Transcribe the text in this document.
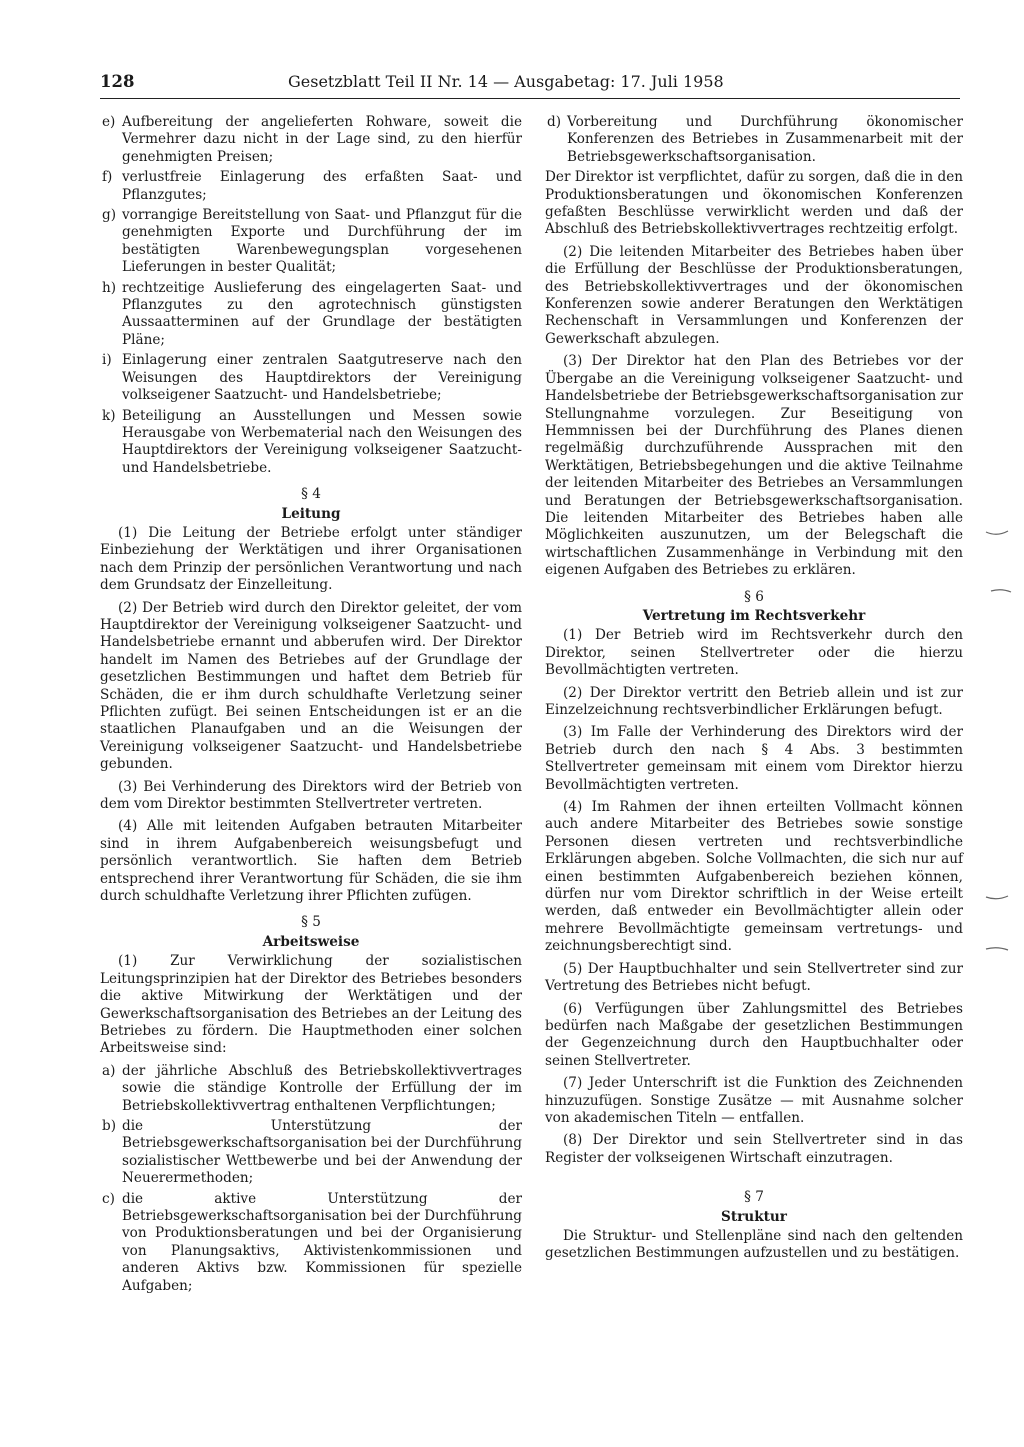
128	Gesetzblatt Teil II Nr. 14 — Ausgabetag: 17. Juli 1958
e) Aufbereitung der angelieferten Rohware, soweit die Vermehrer dazu nicht in der Lage sind, zu den hierfür genehmigten Preisen;
f) verlustfreie Einlagerung des erfaßten Saat- und Pflanzgutes;
g) vorrangige Bereitstellung von Saat- und Pflanzgut für die genehmigten Exporte und Durchführung der im bestätigten Warenbewegungsplan vorgesehenen Lieferungen in bester Qualität;
h) rechtzeitige Auslieferung des eingelagerten Saat- und Pflanzgutes zu den agrotechnisch günstigsten Aussaatterminen auf der Grundlage der bestätigten Pläne;
i) Einlagerung einer zentralen Saatgutreserve nach den Weisungen des Hauptdirektors der Vereinigung volkseigener Saatzucht- und Handelsbetriebe;
k) Beteiligung an Ausstellungen und Messen sowie Herausgabe von Werbematerial nach den Weisungen des Hauptdirektors der Vereinigung volkseigener Saatzucht- und Handelsbetriebe.
§ 4
Leitung

(1) Die Leitung der Betriebe erfolgt unter ständiger Einbeziehung der Werktätigen und ihrer Organisationen nach dem Prinzip der persönlichen Verantwortung und nach dem Grundsatz der Einzelleitung.

(2) Der Betrieb wird durch den Direktor geleitet, der vom Hauptdirektor der Vereinigung volkseigener Saatzucht- und Handelsbetriebe ernannt und abberufen wird. Der Direktor handelt im Namen des Betriebes auf der Grundlage der gesetzlichen Bestimmungen und haftet dem Betrieb für Schäden, die er ihm durch schuldhafte Verletzung seiner Pflichten zufügt. Bei seinen Entscheidungen ist er an die staatlichen Planaufgaben und an die Weisungen der Vereinigung volkseigener Saatzucht- und Handelsbetriebe gebunden.

(3) Bei Verhinderung des Direktors wird der Betrieb von dem vom Direktor bestimmten Stellvertreter vertreten.

(4) Alle mit leitenden Aufgaben betrauten Mitarbeiter sind in ihrem Aufgabenbereich weisungsbefugt und persönlich verantwortlich. Sie haften dem Betrieb entsprechend ihrer Verantwortung für Schäden, die sie ihm durch schuldhafte Verletzung ihrer Pflichten zufügen.

§ 5
Arbeitsweise

(1) Zur Verwirklichung der sozialistischen Leitungsprinzipien hat der Direktor des Betriebes besonders die aktive Mitwirkung der Werktätigen und der Gewerkschaftsorganisation des Betriebes an der Leitung des Betriebes zu fördern. Die Hauptmethoden einer solchen Arbeitsweise sind:

a) der jährliche Abschluß des Betriebskollektivvertrages sowie die ständige Kontrolle der Erfüllung der im Betriebskollektivvertrag enthaltenen Verpflichtungen;
b) die Unterstützung der Betriebsgewerkschaftsorganisation bei der Durchführung sozialistischer Wettbewerbe und bei der Anwendung der Neuerermethoden;
c) die aktive Unterstützung der Betriebsgewerkschaftsorganisation bei der Durchführung von Produktionsberatungen und bei der Organisierung von Planungsaktivs, Aktivistenkommissionen und anderen Aktivs bzw. Kommissionen für spezielle Aufgaben;
d) Vorbereitung und Durchführung ökonomischer Konferenzen des Betriebes in Zusammenarbeit mit der Betriebsgewerkschaftsorganisation.

Der Direktor ist verpflichtet, dafür zu sorgen, daß die in den Produktionsberatungen und ökonomischen Konferenzen gefaßten Beschlüsse verwirklicht werden und daß der Abschluß des Betriebskollektivvertrages rechtzeitig erfolgt.

(2) Die leitenden Mitarbeiter des Betriebes haben über die Erfüllung der Beschlüsse der Produktionsberatungen, des Betriebskollektivvertrages und der ökonomischen Konferenzen sowie anderer Beratungen den Werktätigen Rechenschaft in Versammlungen und Konferenzen der Gewerkschaft abzulegen.

(3) Der Direktor hat den Plan des Betriebes vor der Übergabe an die Vereinigung volkseigener Saatzucht- und Handelsbetriebe der Betriebsgewerkschaftsorganisation zur Stellungnahme vorzulegen. Zur Beseitigung von Hemmnissen bei der Durchführung des Planes dienen regelmäßig durchzuführende Aussprachen mit den Werktätigen, Betriebsbegehungen und die aktive Teilnahme der leitenden Mitarbeiter des Betriebes an Versammlungen und Beratungen der Betriebsgewerkschaftsorganisation. Die leitenden Mitarbeiter des Betriebes haben alle Möglichkeiten auszunutzen, um der Belegschaft die wirtschaftlichen Zusammenhänge in Verbindung mit den eigenen Aufgaben des Betriebes zu erklären.

§ 6
Vertretung im Rechtsverkehr

(1) Der Betrieb wird im Rechtsverkehr durch den Direktor, seinen Stellvertreter oder die hierzu Bevollmächtigten vertreten.

(2) Der Direktor vertritt den Betrieb allein und ist zur Einzelzeichnung rechtsverbindlicher Erklärungen befugt.

(3) Im Falle der Verhinderung des Direktors wird der Betrieb durch den nach § 4 Abs. 3 bestimmten Stellvertreter gemeinsam mit einem vom Direktor hierzu Bevollmächtigten vertreten.

(4) Im Rahmen der ihnen erteilten Vollmacht können auch andere Mitarbeiter des Betriebes sowie sonstige Personen diesen vertreten und rechtsverbindliche Erklärungen abgeben. Solche Vollmachten, die sich nur auf einen bestimmten Aufgabenbereich beziehen können, dürfen nur vom Direktor schriftlich in der Weise erteilt werden, daß entweder ein Bevollmächtigter allein oder mehrere Bevollmächtigte gemeinsam vertretungs- und zeichnungsberechtigt sind.

(5) Der Hauptbuchhalter und sein Stellvertreter sind zur Vertretung des Betriebes nicht befugt.

(6) Verfügungen über Zahlungsmittel des Betriebes bedürfen nach Maßgabe der gesetzlichen Bestimmungen der Gegenzeichnung durch den Hauptbuchhalter oder seinen Stellvertreter.

(7) Jeder Unterschrift ist die Funktion des Zeichnenden hinzuzufügen. Sonstige Zusätze — mit Ausnahme solcher von akademischen Titeln — entfallen.

(8) Der Direktor und sein Stellvertreter sind in das Register der volkseigenen Wirtschaft einzutragen.

§ 7
Struktur

Die Struktur- und Stellenpläne sind nach den geltenden gesetzlichen Bestimmungen aufzustellen und zu bestätigen.
